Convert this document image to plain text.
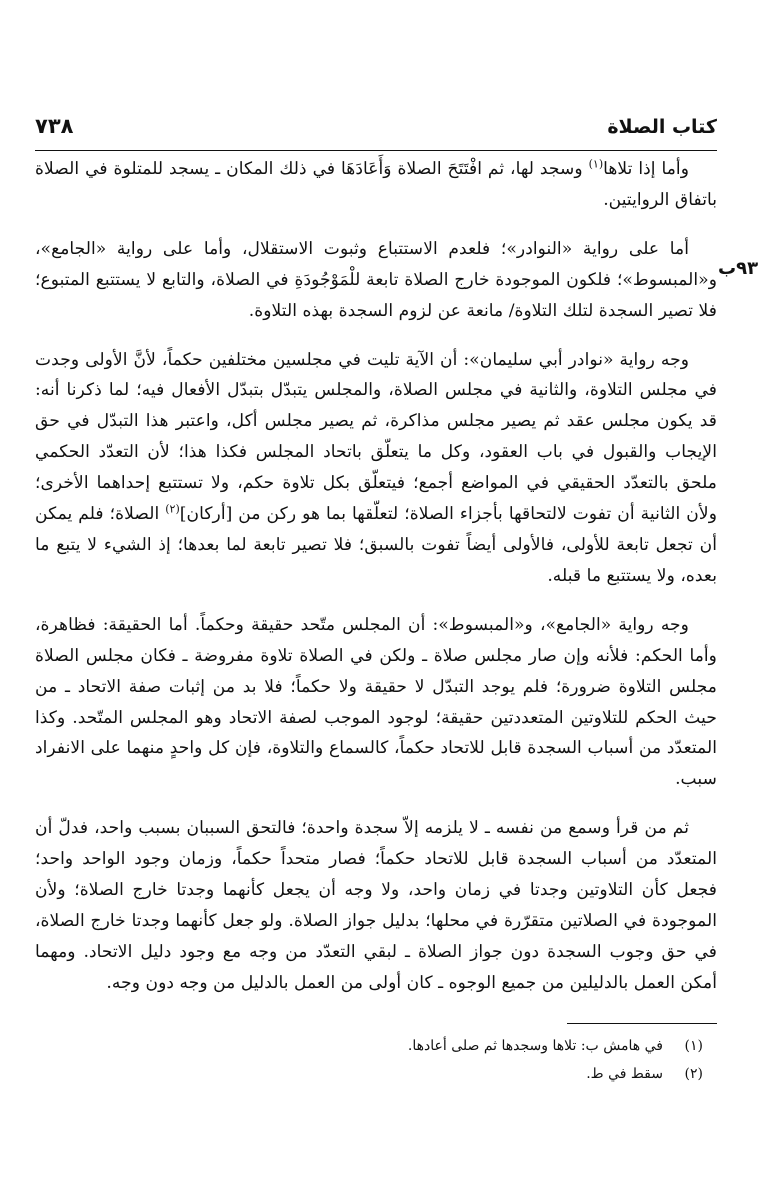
٧٣٨	كتاب الصلاة
٩٣ب

وأما إذا تلاها$^{(١)}$ وسجد لها، ثم افْتَتَحَ الصلاة وَأَعَادَهَا في ذلك المكان ـ يسجد للمتلوة في الصلاة باتفاق الروايتين.

أما على رواية «النوادر»؛ فلعدم الاستتباع وثبوت الاستقلال، وأما على رواية «الجامع»، و«المبسوط»؛ فلكون الموجودة خارج الصلاة تابعة للْمَوْجُودَةِ في الصلاة، والتابع لا يستتبع المتبوع؛ فلا تصير السجدة لتلك التلاوة/ مانعة عن لزوم السجدة بهذه التلاوة.

وجه رواية «نوادر أبي سليمان»: أن الآية تليت في مجلسين مختلفين حكماً، لأنَّ الأولى وجدت في مجلس التلاوة، والثانية في مجلس الصلاة، والمجلس يتبدّل بتبدّل الأفعال فيه؛ لما ذكرنا أنه: قد يكون مجلس عقد ثم يصير مجلس مذاكرة، ثم يصير مجلس أكل، واعتبر هذا التبدّل في حق الإيجاب والقبول في باب العقود، وكل ما يتعلّق باتحاد المجلس فكذا هذا؛ لأن التعدّد الحكمي ملحق بالتعدّد الحقيقي في المواضع أجمع؛ فيتعلّق بكل تلاوة حكم، ولا تستتبع إحداهما الأخرى؛ ولأن الثانية أن تفوت لالتحاقها بأجزاء الصلاة؛ لتعلّقها بما هو ركن من [أركان]$^{(٢)}$ الصلاة؛ فلم يمكن أن تجعل تابعة للأولى، فالأولى أيضاً تفوت بالسبق؛ فلا تصير تابعة لما بعدها؛ إذ الشيء لا يتبع ما بعده، ولا يستتبع ما قبله.

وجه رواية «الجامع»، و«المبسوط»: أن المجلس متّحد حقيقة وحكماً. أما الحقيقة: فظاهرة، وأما الحكم: فلأنه وإن صار مجلس صلاة ـ ولكن في الصلاة تلاوة مفروضة ـ فكان مجلس الصلاة مجلس التلاوة ضرورة؛ فلم يوجد التبدّل لا حقيقة ولا حكماً؛ فلا بد من إثبات صفة الاتحاد ـ من حيث الحكم للتلاوتين المتعددتين حقيقة؛ لوجود الموجب لصفة الاتحاد وهو المجلس المتّحد. وكذا المتعدّد من أسباب السجدة قابل للاتحاد حكماً، كالسماع والتلاوة، فإن كل واحدٍ منهما على الانفراد سبب.

ثم من قرأ وسمع من نفسه ـ لا يلزمه إلاّ سجدة واحدة؛ فالتحق السببان بسبب واحد، فدلّ أن المتعدّد من أسباب السجدة قابل للاتحاد حكماً؛ فصار متحداً حكماً، وزمان وجود الواحد واحد؛ فجعل كأن التلاوتين وجدتا في زمان واحد، ولا وجه أن يجعل كأنهما وجدتا خارج الصلاة؛ ولأن الموجودة في الصلاتين متقرّرة في محلها؛ بدليل جواز الصلاة. ولو جعل كأنهما وجدتا خارج الصلاة، في حق وجوب السجدة دون جواز الصلاة ـ لبقي التعدّد من وجه مع وجود دليل الاتحاد. ومهما أمكن العمل بالدليلين من جميع الوجوه ـ كان أولى من العمل بالدليل من وجه دون وجه.

(١)
في هامش ب: تلاها وسجدها ثم صلى أعادها.
(٢)
سقط في ط.
